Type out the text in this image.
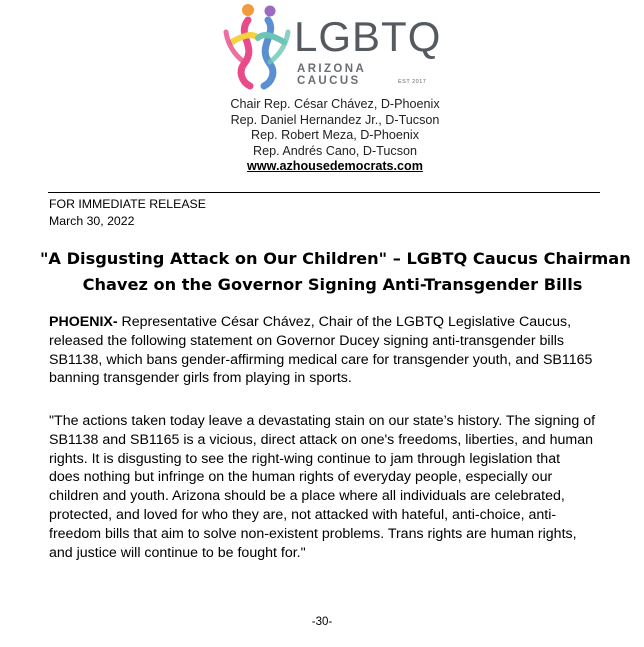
LGBTQ
ARIZONA CAUCUS	EST 2017
Chair Rep. César Chávez, D-Phoenix
Rep. Daniel Hernandez Jr., D-Tucson
Rep. Robert Meza, D-Phoenix
Rep. Andrés Cano, D-Tucson
www.azhousedemocrats.com
FOR IMMEDIATE RELEASE
March 30, 2022
"A Disgusting Attack on Our Children" – LGBTQ Caucus Chairman
Chavez on the Governor Signing Anti-Transgender Bills
PHOENIX- Representative César Chávez, Chair of the LGBTQ Legislative Caucus,
released the following statement on Governor Ducey signing anti-transgender bills
SB1138, which bans gender-affirming medical care for transgender youth, and SB1165
banning transgender girls from playing in sports.
"The actions taken today leave a devastating stain on our state’s history. The signing of
SB1138 and SB1165 is a vicious, direct attack on one's freedoms, liberties, and human
rights. It is disgusting to see the right-wing continue to jam through legislation that
does nothing but infringe on the human rights of everyday people, especially our
children and youth. Arizona should be a place where all individuals are celebrated,
protected, and loved for who they are, not attacked with hateful, anti-choice, anti-
freedom bills that aim to solve non-existent problems. Trans rights are human rights,
and justice will continue to be fought for."
-30-
